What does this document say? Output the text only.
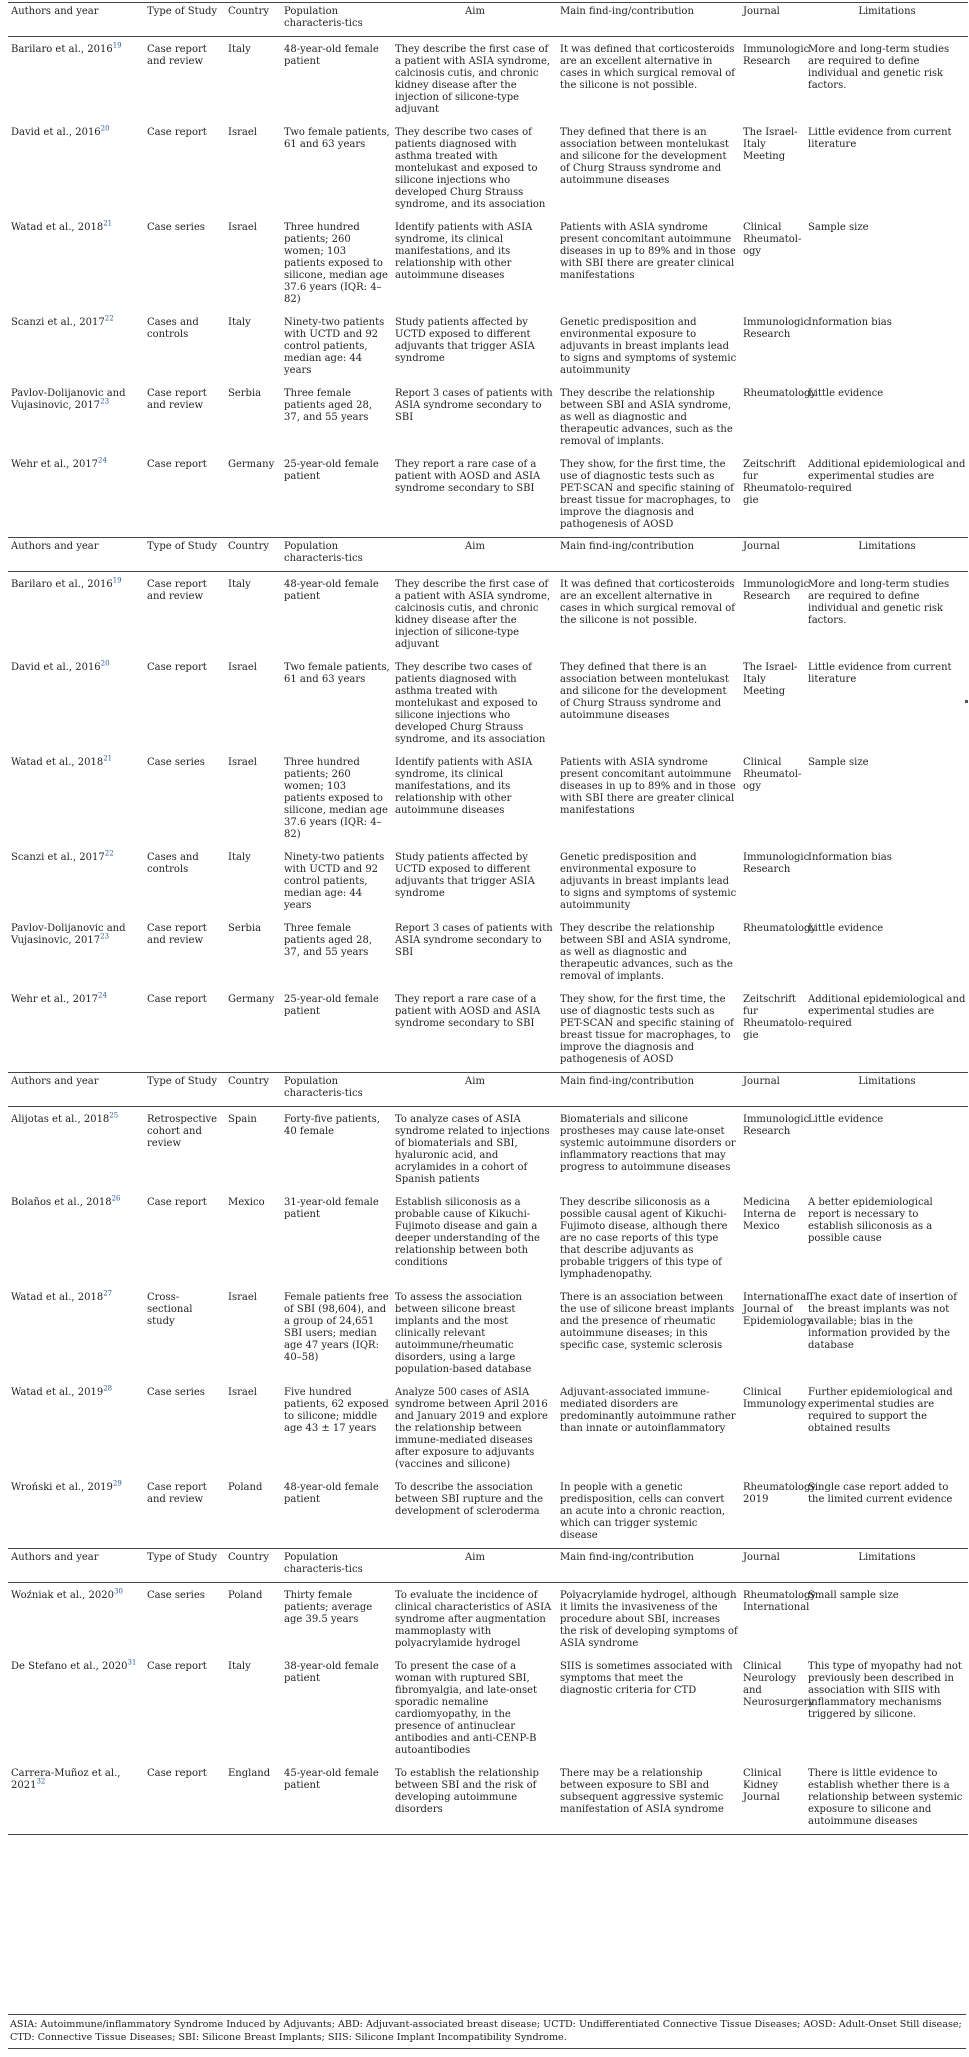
Authors and year	Type of Study	Country	Population characteris-tics	Aim	Main find-ing/contribution	Journal	Limitations
Barilaro et al., 2016$^{19}$	Case report and review	Italy	48-year-old female patient	They describe the first case of a patient with ASIA syndrome, calcinosis cutis, and chronic kidney disease after the injection of silicone-type adjuvant	It was defined that corticosteroids are an excellent alternative in cases in which surgical removal of the silicone is not possible.	Immunologic Research	More and long-term studies are required to define individual and genetic risk factors.
David et al., 2016$^{20}$	Case report	Israel	Two female patients, 61 and 63 years	They describe two cases of patients diagnosed with asthma treated with montelukast and exposed to silicone injections who developed Churg Strauss syndrome, and its association	They defined that there is an association between montelukast and silicone for the development of Churg Strauss syndrome and autoimmune diseases	The Israel-Italy Meeting	Little evidence from current literature
Watad et al., 2018$^{21}$	Case series	Israel	Three hundred patients; 260 women; 103 patients exposed to silicone, median age 37.6 years (IQR: 4–82)	Identify patients with ASIA syndrome, its clinical manifestations, and its relationship with other autoimmune diseases	Patients with ASIA syndrome present concomitant autoimmune diseases in up to 89% and in those with SBI there are greater clinical manifestations	Clinical Rheumatol-ogy	Sample size
Scanzi et al., 2017$^{22}$	Cases and controls	Italy	Ninety-two patients with UCTD and 92 control patients, median age: 44 years	Study patients affected by UCTD exposed to different adjuvants that trigger ASIA syndrome	Genetic predisposition and environmental exposure to adjuvants in breast implants lead to signs and symptoms of systemic autoimmunity	Immunologic Research	Information bias
Pavlov-Dolijanovic and Vujasinovic, 2017$^{23}$	Case report and review	Serbia	Three female patients aged 28, 37, and 55 years	Report 3 cases of patients with ASIA syndrome secondary to SBI	They describe the relationship between SBI and ASIA syndrome, as well as diagnostic and therapeutic advances, such as the removal of implants.	Rheumatology	Little evidence
Wehr et al., 2017$^{24}$	Case report	Germany	25-year-old female patient	They report a rare case of a patient with AOSD and ASIA syndrome secondary to SBI	They show, for the first time, the use of diagnostic tests such as PET-SCAN and specific staining of breast tissue for macrophages, to improve the diagnosis and pathogenesis of AOSD	Zeitschrift fur Rheumatolo-gie	Additional epidemiological and experimental studies are required
Authors and year	Type of Study	Country	Population characteris-tics	Aim	Main find-ing/contribution	Journal	Limitations
Barilaro et al., 2016$^{19}$	Case report and review	Italy	48-year-old female patient	They describe the first case of a patient with ASIA syndrome, calcinosis cutis, and chronic kidney disease after the injection of silicone-type adjuvant	It was defined that corticosteroids are an excellent alternative in cases in which surgical removal of the silicone is not possible.	Immunologic Research	More and long-term studies are required to define individual and genetic risk factors.
David et al., 2016$^{20}$	Case report	Israel	Two female patients, 61 and 63 years	They describe two cases of patients diagnosed with asthma treated with montelukast and exposed to silicone injections who developed Churg Strauss syndrome, and its association	They defined that there is an association between montelukast and silicone for the development of Churg Strauss syndrome and autoimmune diseases	The Israel-Italy Meeting	Little evidence from current literature
Watad et al., 2018$^{21}$	Case series	Israel	Three hundred patients; 260 women; 103 patients exposed to silicone, median age 37.6 years (IQR: 4–82)	Identify patients with ASIA syndrome, its clinical manifestations, and its relationship with other autoimmune diseases	Patients with ASIA syndrome present concomitant autoimmune diseases in up to 89% and in those with SBI there are greater clinical manifestations	Clinical Rheumatol-ogy	Sample size
Scanzi et al., 2017$^{22}$	Cases and controls	Italy	Ninety-two patients with UCTD and 92 control patients, median age: 44 years	Study patients affected by UCTD exposed to different adjuvants that trigger ASIA syndrome	Genetic predisposition and environmental exposure to adjuvants in breast implants lead to signs and symptoms of systemic autoimmunity	Immunologic Research	Information bias
Pavlov-Dolijanovic and Vujasinovic, 2017$^{23}$	Case report and review	Serbia	Three female patients aged 28, 37, and 55 years	Report 3 cases of patients with ASIA syndrome secondary to SBI	They describe the relationship between SBI and ASIA syndrome, as well as diagnostic and therapeutic advances, such as the removal of implants.	Rheumatology	Little evidence
Wehr et al., 2017$^{24}$	Case report	Germany	25-year-old female patient	They report a rare case of a patient with AOSD and ASIA syndrome secondary to SBI	They show, for the first time, the use of diagnostic tests such as PET-SCAN and specific staining of breast tissue for macrophages, to improve the diagnosis and pathogenesis of AOSD	Zeitschrift fur Rheumatolo-gie	Additional epidemiological and experimental studies are required
Authors and year	Type of Study	Country	Population characteris-tics	Aim	Main find-ing/contribution	Journal	Limitations
Alijotas et al., 2018$^{25}$	Retrospective cohort and review	Spain	Forty-five patients, 40 female	To analyze cases of ASIA syndrome related to injections of biomaterials and SBI, hyaluronic acid, and acrylamides in a cohort of Spanish patients	Biomaterials and silicone prostheses may cause late-onset systemic autoimmune disorders or inflammatory reactions that may progress to autoimmune diseases	Immunologic Research	Little evidence
Bolaños et al., 2018$^{26}$	Case report	Mexico	31-year-old female patient	Establish siliconosis as a probable cause of Kikuchi-Fujimoto disease and gain a deeper understanding of the relationship between both conditions	They describe siliconosis as a possible causal agent of Kikuchi-Fujimoto disease, although there are no case reports of this type that describe adjuvants as probable triggers of this type of lymphadenopathy.	Medicina Interna de Mexico	A better epidemiological report is necessary to establish siliconosis as a possible cause
Watad et al., 2018$^{27}$	Cross-sectional study	Israel	Female patients free of SBI (98,604), and a group of 24,651 SBI users; median age 47 years (IQR: 40–58)	To assess the association between silicone breast implants and the most clinically relevant autoimmune/rheumatic disorders, using a large population-based database	There is an association between the use of silicone breast implants and the presence of rheumatic autoimmune diseases; in this specific case, systemic sclerosis	International Journal of Epidemiology	The exact date of insertion of the breast implants was not available; bias in the information provided by the database
Watad et al., 2019$^{28}$	Case series	Israel	Five hundred patients, 62 exposed to silicone; middle age 43 ± 17 years	Analyze 500 cases of ASIA syndrome between April 2016 and January 2019 and explore the relationship between immune-mediated diseases after exposure to adjuvants (vaccines and silicone)	Adjuvant-associated immune-mediated disorders are predominantly autoimmune rather than innate or autoinflammatory	Clinical Immunology	Further epidemiological and experimental studies are required to support the obtained results
Wroński et al., 2019$^{29}$	Case report and review	Poland	48-year-old female patient	To describe the association between SBI rupture and the development of scleroderma	In people with a genetic predisposition, cells can convert an acute into a chronic reaction, which can trigger systemic disease	Rheumatology 2019	Single case report added to the limited current evidence
Authors and year	Type of Study	Country	Population characteris-tics	Aim	Main find-ing/contribution	Journal	Limitations
Woźniak et al., 2020$^{30}$	Case series	Poland	Thirty female patients; average age 39.5 years	To evaluate the incidence of clinical characteristics of ASIA syndrome after augmentation mammoplasty with polyacrylamide hydrogel	Polyacrylamide hydrogel, although it limits the invasiveness of the procedure about SBI, increases the risk of developing symptoms of ASIA syndrome	Rheumatology International	Small sample size
De Stefano et al., 2020$^{31}$	Case report	Italy	38-year-old female patient	To present the case of a woman with ruptured SBI, fibromyalgia, and late-onset sporadic nemaline cardiomyopathy, in the presence of antinuclear antibodies and anti-CENP-B autoantibodies	SIIS is sometimes associated with symptoms that meet the diagnostic criteria for CTD	Clinical Neurology and Neurosurgery	This type of myopathy had not previously been described in association with SIIS with inflammatory mechanisms triggered by silicone.
Carrera-Muñoz et al., 2021$^{32}$	Case report	England	45-year-old female patient	To establish the relationship between SBI and the risk of developing autoimmune disorders	There may be a relationship between exposure to SBI and subsequent aggressive systemic manifestation of ASIA syndrome	Clinical Kidney Journal	There is little evidence to establish whether there is a relationship between systemic exposure to silicone and autoimmune diseases
ASIA: Autoimmune/inflammatory Syndrome Induced by Adjuvants; ABD: Adjuvant-associated breast disease; UCTD: Undifferentiated Connective Tissue Diseases; AOSD: Adult-Onset Still disease; CTD: Connective Tissue Diseases; SBI: Silicone Breast Implants; SIIS: Silicone Implant Incompatibility Syndrome.
